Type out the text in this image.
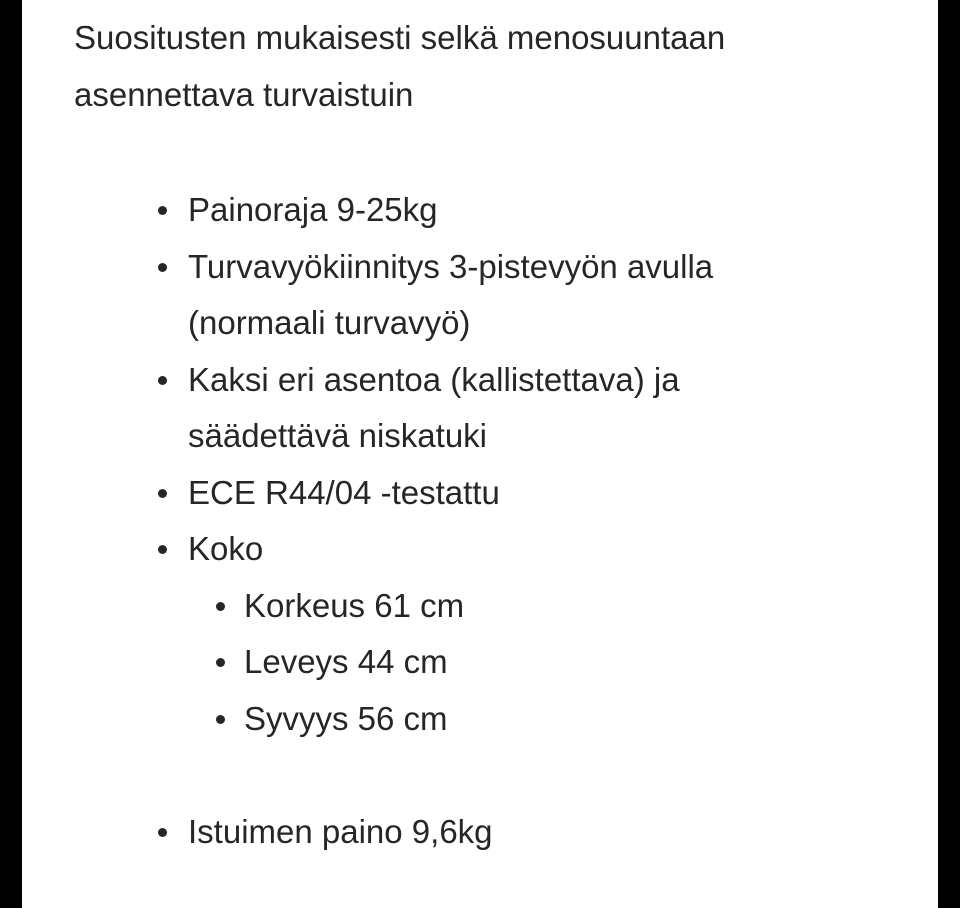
Suositusten mukaisesti selkä menosuuntaan asennettava turvaistuin

Painoraja 9-25kg
Turvavyökiinnitys 3-pistevyön avulla (normaali turvavyö)
Kaksi eri asentoa (kallistettava) ja säädettävä niskatuki
ECE R44/04 -testattu
Koko
Korkeus 61 cm
Leveys 44 cm
Syvyys 56 cm
Istuimen paino 9,6kg
